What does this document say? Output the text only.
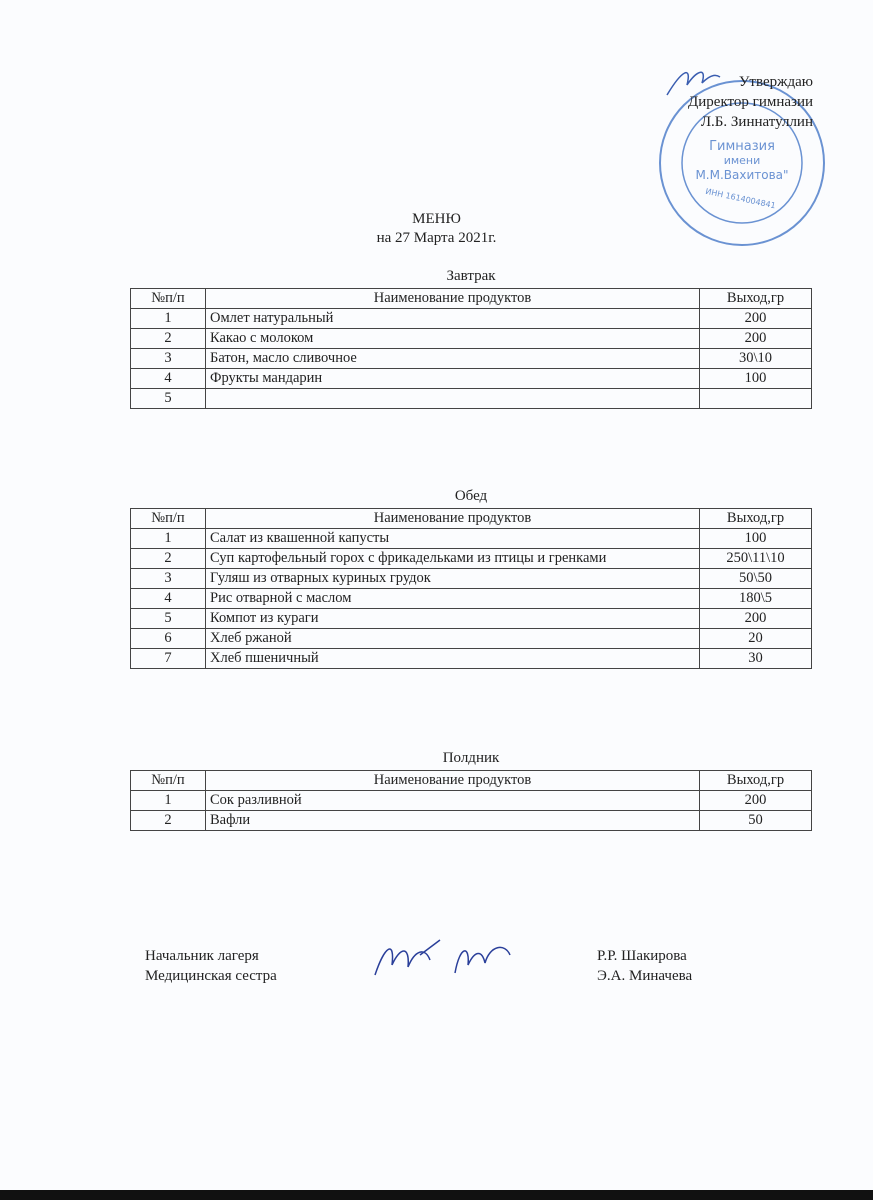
Гимназия
имени
М.М.Вахитова"
ИНН 1614004841
Утверждаю
Директор гимназии
Л.Б. Зиннатуллин
МЕНЮ
на 27 Марта 2021г.
Завтрак
№п/п	Наименование продуктов	Выход,гр
1	Омлет натуральный	200
2	Какао с молоком	200
3	Батон, масло сливочное	30\10
4	Фрукты мандарин	100
5		
Обед
№п/п	Наименование продуктов	Выход,гр
1	Салат из квашенной капусты	100
2	Суп картофельный горох с фрикадельками из птицы и гренками	250\11\10
3	Гуляш из отварных куриных грудок	50\50
4	Рис отварной с маслом	180\5
5	Компот из кураги	200
6	Хлеб ржаной	20
7	Хлеб пшеничный	30
Полдник
№п/п	Наименование продуктов	Выход,гр
1	Сок разливной	200
2	Вафли	50
Начальник лагеря
Медицинская сестра
Р.Р. Шакирова
Э.А. Миначева
